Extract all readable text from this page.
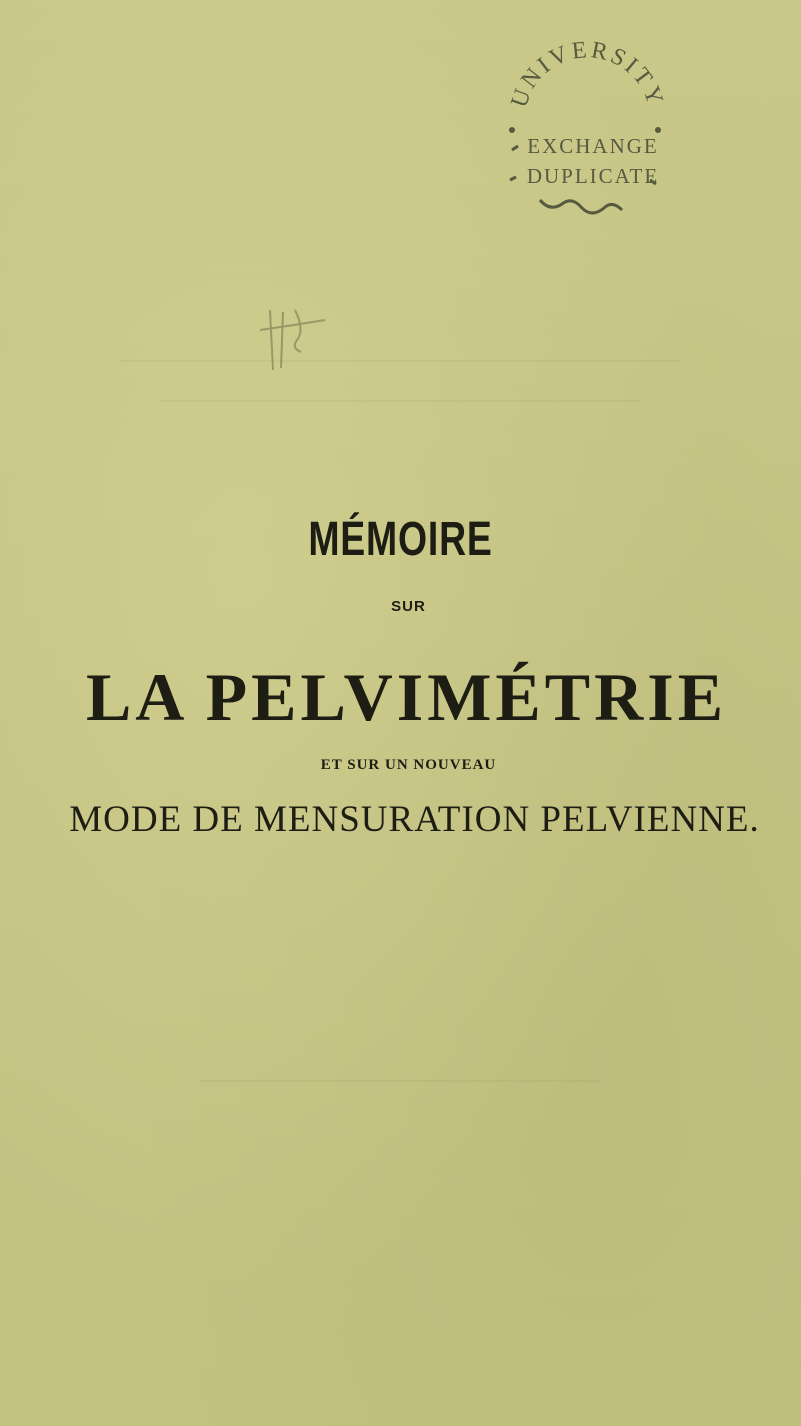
UNIVERSITY
EXCHANGE
DUPLICATE
MÉMOIRE
SUR
LA PELVIMÉTRIE
ET SUR UN NOUVEAU
MODE DE MENSURATION PELVIENNE.
